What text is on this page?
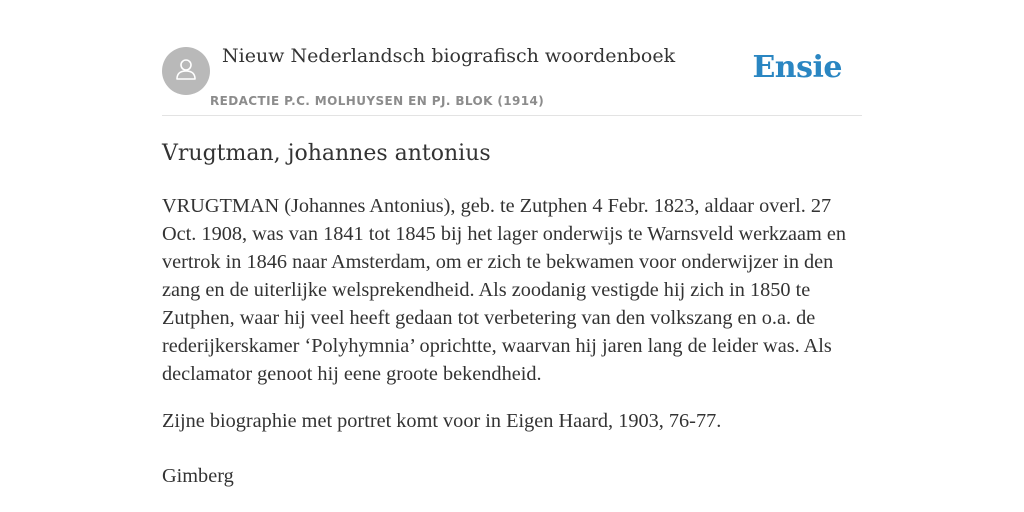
Nieuw Nederlandsch biografisch woordenboek
REDACTIE P.C. MOLHUYSEN EN PJ. BLOK (1914)
Ensie
Vrugtman, johannes antonius

VRUGTMAN (Johannes Antonius), geb. te Zutphen 4 Febr. 1823, aldaar overl. 27 Oct. 1908, was van 1841 tot 1845 bij het lager onderwijs te Warnsveld werkzaam en vertrok in 1846 naar Amsterdam, om er zich te bekwamen voor onderwijzer in den zang en de uiterlijke welsprekendheid. Als zoodanig vestigde hij zich in 1850 te Zutphen, waar hij veel heeft gedaan tot verbetering van den volkszang en o.a. de rederijkerskamer ‘Polyhymnia’ oprichtte, waarvan hij jaren lang de leider was. Als declamator genoot hij eene groote bekendheid.

Zijne biographie met portret komt voor in Eigen Haard, 1903, 76-77.

Gimberg
